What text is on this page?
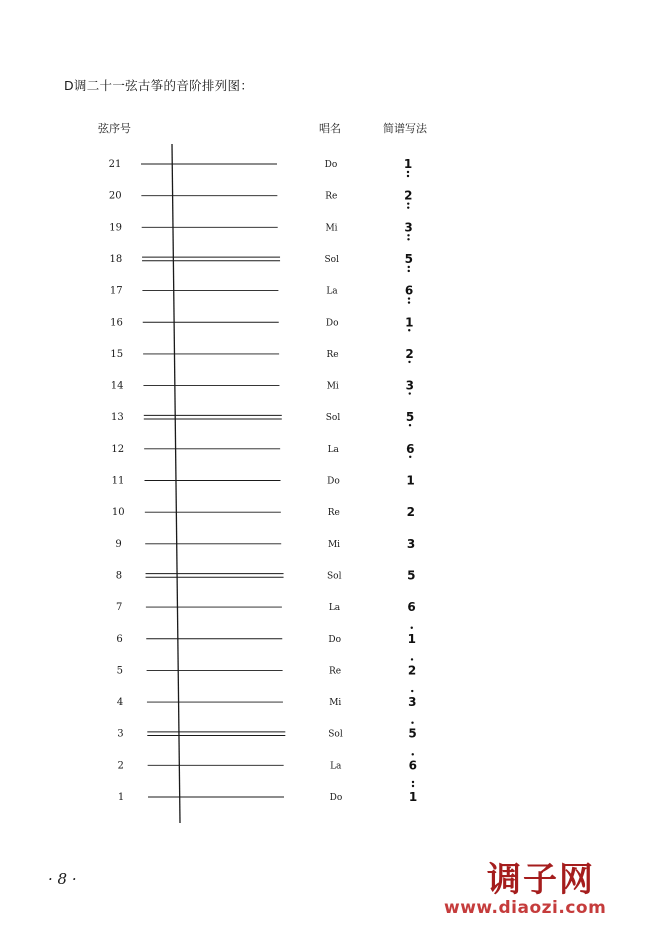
D调二十一弦古筝的音阶排列图：
弦序号	唱名	简谱写法
21	Do	1
20	Re	2
19	Mi	3
18	Sol	5
17	La	6
16	Do	1
15	Re	2
14	Mi	3
13	Sol	5
12	La	6
11	Do	1
10	Re	2
9	Mi	3
8	Sol	5
7	La	6
6	Do	1
5	Re	2
4	Mi	3
3	Sol	5
2	La	6
1	Do	1
· 8 ·	调子网
www.diaozi.com
